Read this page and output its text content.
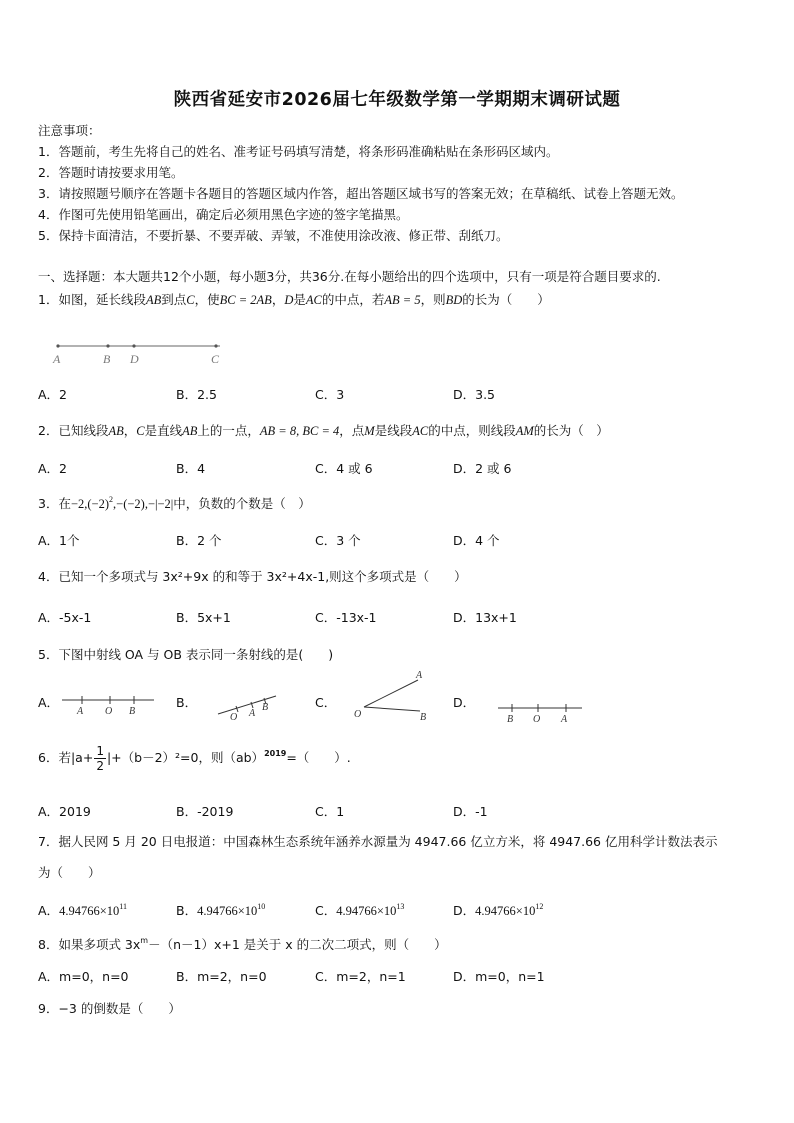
陕西省延安市2026届七年级数学第一学期期末调研试题
注意事项：
1．答题前，考生先将自己的姓名、准考证号码填写清楚，将条形码准确粘贴在条形码区域内。
2．答题时请按要求用笔。
3．请按照题号顺序在答题卡各题目的答题区域内作答，超出答题区域书写的答案无效；在草稿纸、试卷上答题无效。
4．作图可先使用铅笔画出，确定后必须用黑色字迹的签字笔描黑。
5．保持卡面清洁，不要折暴、不要弄破、弄皱，不准使用涂改液、修正带、刮纸刀。
一、选择题：本大题共12个小题，每小题3分，共36分.在每小题给出的四个选项中，只有一项是符合题目要求的.
1．如图，延长线段AB到点C，使BC = 2AB，D是AC的中点，若AB = 5，则BD的长为（　　）
A	B D	C
A．2	B．2.5	C．3	D．3.5
2．已知线段AB，C是直线AB上的一点，AB = 8, BC = 4，点M是线段AC的中点，则线段AM的长为（　）
A．2	B．4	C．4 或 6	D．2 或 6
3．在$-2,(-2)^2,-(-2),-|-2|$中，负数的个数是（　）
A．1个	B．2 个	C．3 个	D．4 个
4．已知一个多项式与 3x²+9x 的和等于 3x²+4x-1,则这个多项式是（　　）
A．-5x-1	B．5x+1	C．-13x-1	D．13x+1
5．下图中射线 OA 与 OB 表示同一条射线的是(　　)
A．
A O B
B．
O A
B	C．
A
O	B
D．
B O A
6．若$|a+ \frac{1}{2} |+(b-2)^2=0$，则（ab）$^{2019}$=（　　）.
A．2019	B．-2019	C．1	D．-1
7．据人民网 5 月 20 日电报道：中国森林生态系统年涵养水源量为 4947.66 亿立方米，将 4947.66 亿用科学计数法表示
为（　　）
A．$4.94766\times 10^{11}$	B．$4.94766\times 10^{10}$	C．$4.94766\times 10^{13}$	D．$4.94766\times 10^{12}$
8．如果多项式 $3x^m-(n-1)x+1$ 是关于 x 的二次二项式，则（　　）
A．m=0，n=0	B．m=2，n=0	C．m=2，n=1	D．m=0，n=1
9．−3 的倒数是（　　）
